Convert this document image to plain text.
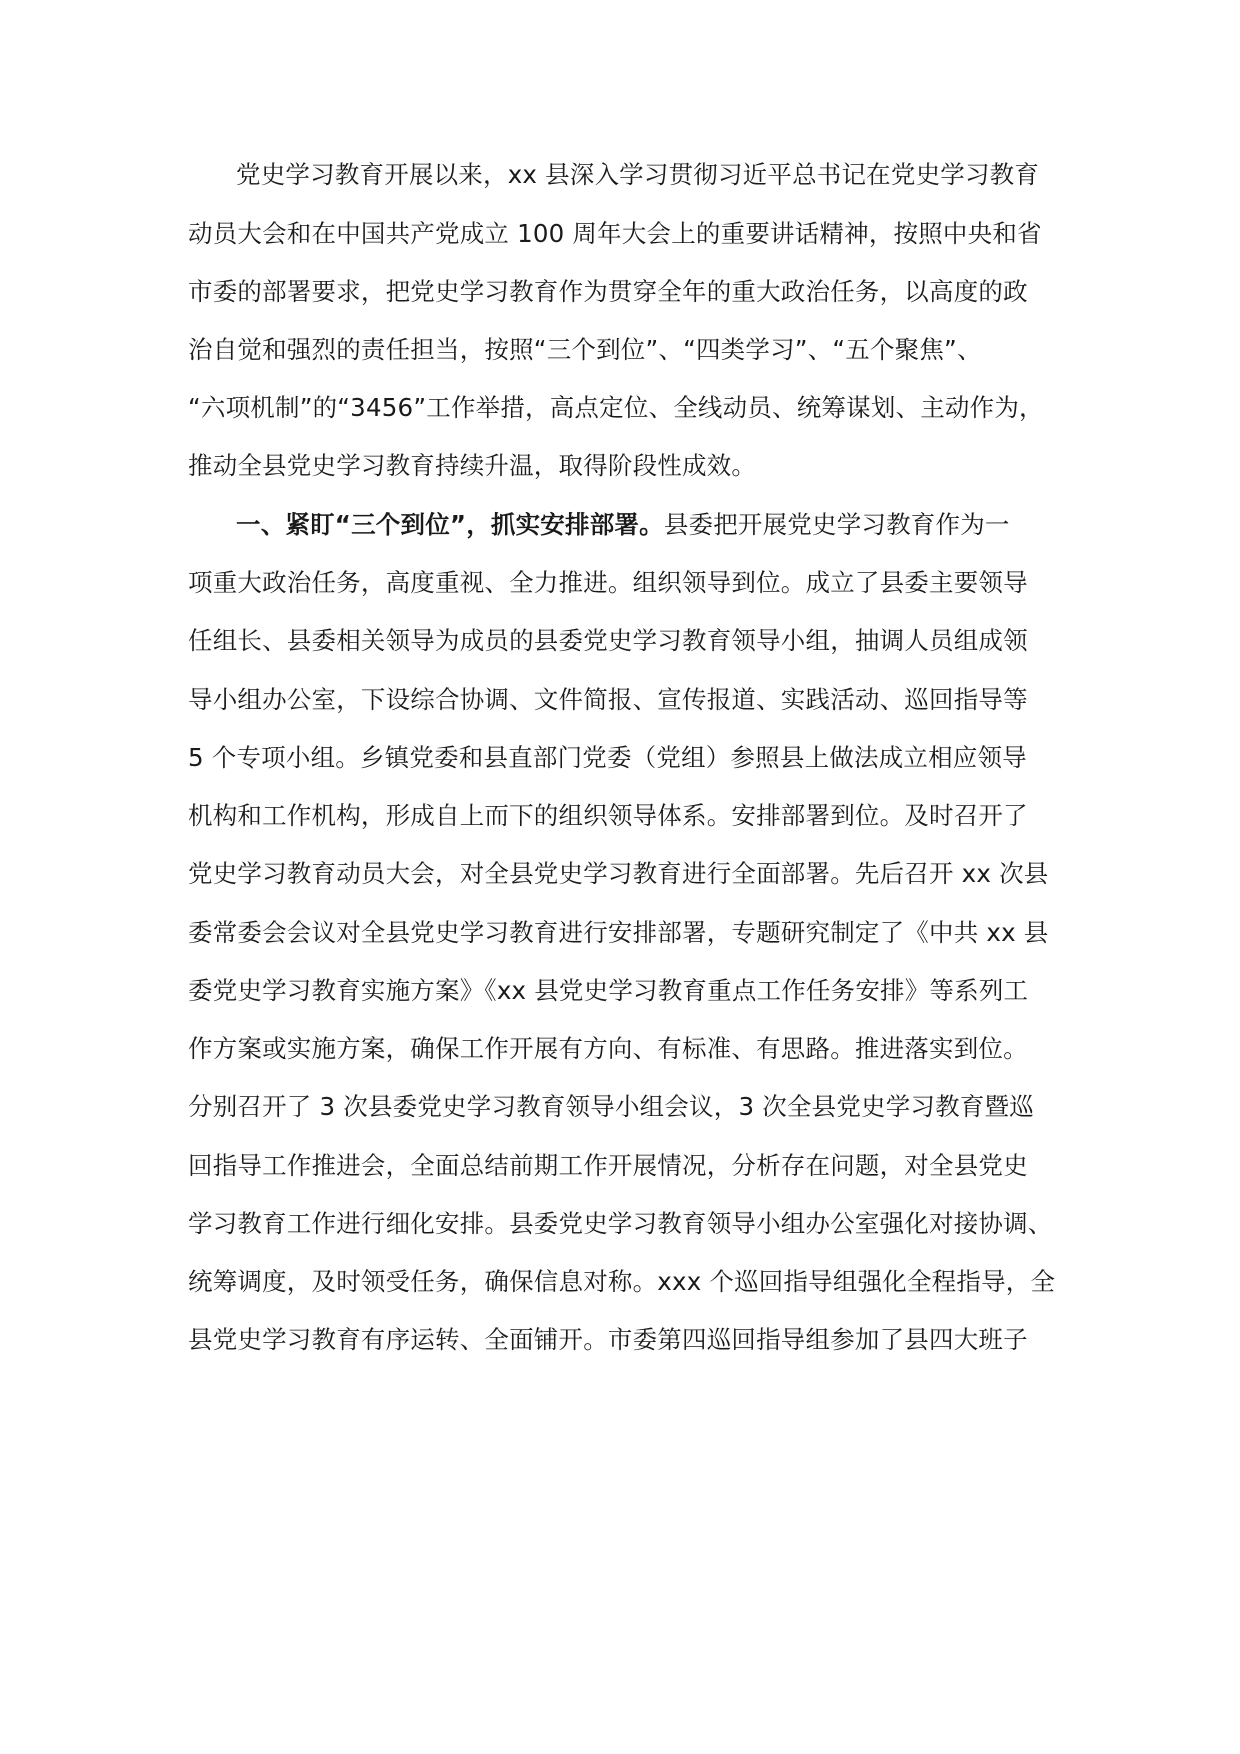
党史学习教育开展以来，xx 县深入学习贯彻习近平总书记在党史学习教育
动员大会和在中国共产党成立 100 周年大会上的重要讲话精神，按照中央和省
市委的部署要求，把党史学习教育作为贯穿全年的重大政治任务，以高度的政
治自觉和强烈的责任担当，按照“三个到位”、“四类学习”、“五个聚焦”、
“六项机制”的“3456”工作举措，高点定位、全线动员、统筹谋划、主动作为，
推动全县党史学习教育持续升温，取得阶段性成效。
一、紧盯“三个到位”，抓实安排部署。县委把开展党史学习教育作为一
项重大政治任务，高度重视、全力推进。组织领导到位。成立了县委主要领导
任组长、县委相关领导为成员的县委党史学习教育领导小组，抽调人员组成领
导小组办公室，下设综合协调、文件简报、宣传报道、实践活动、巡回指导等
5 个专项小组。乡镇党委和县直部门党委（党组）参照县上做法成立相应领导
机构和工作机构，形成自上而下的组织领导体系。安排部署到位。及时召开了
党史学习教育动员大会，对全县党史学习教育进行全面部署。先后召开 xx 次县
委常委会会议对全县党史学习教育进行安排部署，专题研究制定了《中共 xx 县
委党史学习教育实施方案》《xx 县党史学习教育重点工作任务安排》等系列工
作方案或实施方案，确保工作开展有方向、有标准、有思路。推进落实到位。
分别召开了 3 次县委党史学习教育领导小组会议，3 次全县党史学习教育暨巡
回指导工作推进会，全面总结前期工作开展情况，分析存在问题，对全县党史
学习教育工作进行细化安排。县委党史学习教育领导小组办公室强化对接协调、
统筹调度，及时领受任务，确保信息对称。xxx 个巡回指导组强化全程指导，全
县党史学习教育有序运转、全面铺开。市委第四巡回指导组参加了县四大班子
